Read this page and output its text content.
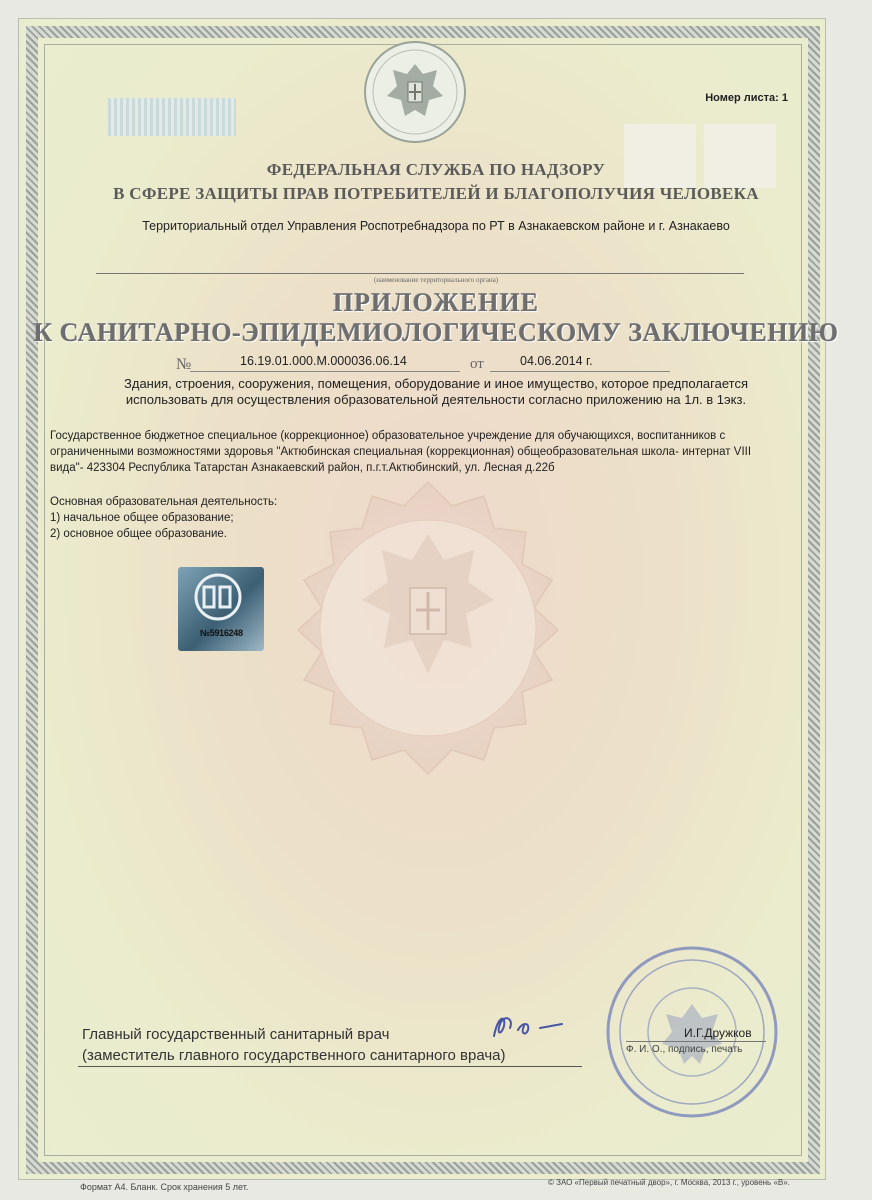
Номер листа: 1
ФЕДЕРАЛЬНАЯ СЛУЖБА ПО НАДЗОРУ
В СФЕРЕ ЗАЩИТЫ ПРАВ ПОТРЕБИТЕЛЕЙ И БЛАГОПОЛУЧИЯ ЧЕЛОВЕКА
Территориальный отдел Управления Роспотребнадзора по РТ в Азнакаевском районе и г. Азнакаево
(наименование территориального органа)
ПРИЛОЖЕНИЕ
К САНИТАРНО-ЭПИДЕМИОЛОГИЧЕСКОМУ ЗАКЛЮЧЕНИЮ
№	16.19.01.000.М.000036.06.14	от	04.06.2014 г.
Здания, строения, сооружения, помещения, оборудование и иное имущество, которое предполагается
использовать для осуществления образовательной деятельности согласно приложению на 1л. в 1экз.
Государственное бюджетное специальное (коррекционное) образовательное учреждение для обучающихся, воспитанников с ограниченными возможностями здоровья "Актюбинская специальная (коррекционная) общеобразовательная школа- интернат VIII вида"- 423304 Республика Татарстан Азнакаевский район, п.г.т.Актюбинский, ул. Лесная д.22б
Основная образовательная деятельность:
1) начальное общее образование;
2) основное общее образование.
№5916248
Главный государственный санитарный врач
(заместитель главного государственного санитарного врача)
И.Г.Дружков
Ф. И. О., подпись, печать
Формат А4. Бланк. Срок хранения 5 лет.	© ЗАО «Первый печатный двор», г. Москва, 2013 г., уровень «В».
